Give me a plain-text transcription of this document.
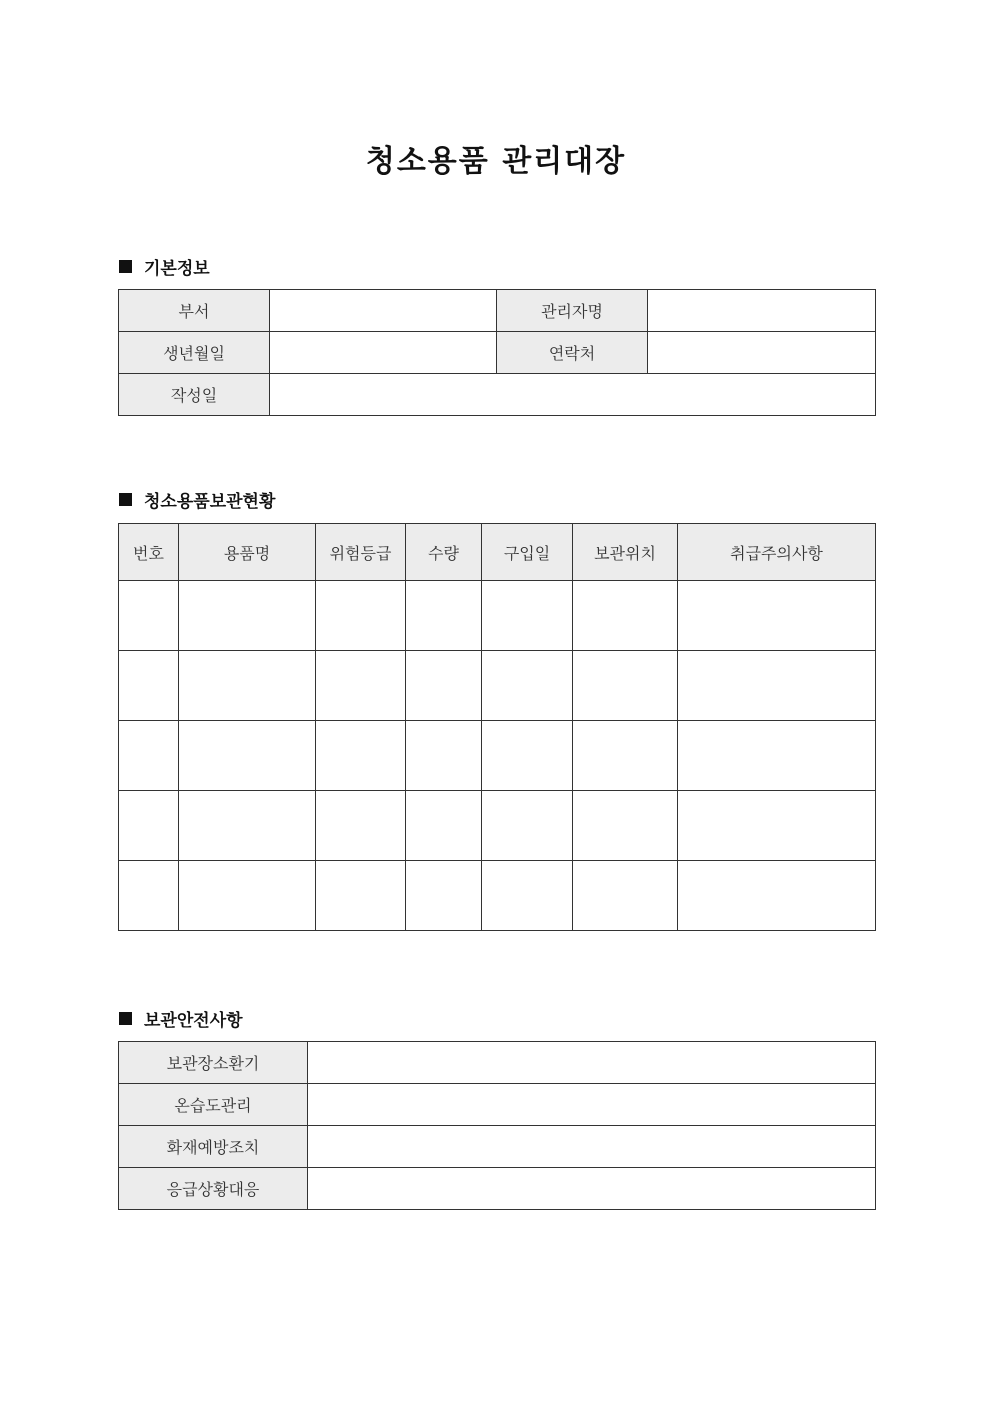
청소용품 관리대장
기본정보
부서		관리자명	
생년월일		연락처	
작성일			
청소용품보관현황
번호	용품명	위험등급	수량	구입일	보관위치	취급주의사항

보관안전사항
보관장소환기	
온습도관리	
화재예방조치	
응급상황대응	
